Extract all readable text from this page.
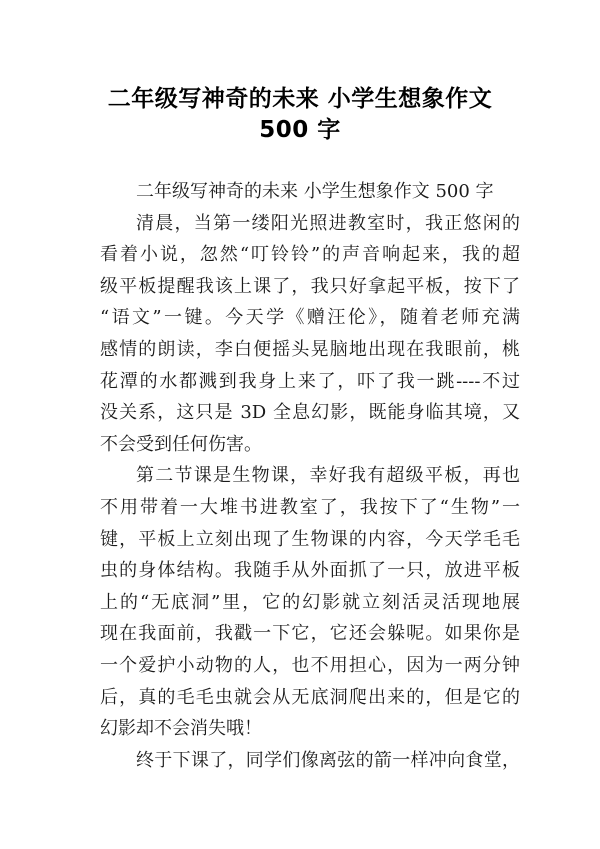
二年级写神奇的未来 小学生想象作文
500 字
二年级写神奇的未来 小学生想象作文 500 字
清晨，当第一缕阳光照进教室时，我正悠闲的
看着小说，忽然“叮铃铃”的声音响起来，我的超
级平板提醒我该上课了，我只好拿起平板，按下了
“语文”一键。今天学《赠汪伦》，随着老师充满
感情的朗读，李白便摇头晃脑地出现在我眼前，桃
花潭的水都溅到我身上来了，吓了我一跳----不过
没关系，这只是 3D 全息幻影，既能身临其境，又
不会受到任何伤害。
第二节课是生物课，幸好我有超级平板，再也
不用带着一大堆书进教室了，我按下了“生物”一
键，平板上立刻出现了生物课的内容，今天学毛毛
虫的身体结构。我随手从外面抓了一只，放进平板
上的“无底洞”里，它的幻影就立刻活灵活现地展
现在我面前，我戳一下它，它还会躲呢。如果你是
一个爱护小动物的人，也不用担心，因为一两分钟
后，真的毛毛虫就会从无底洞爬出来的，但是它的
幻影却不会消失哦！
终于下课了，同学们像离弦的箭一样冲向食堂，
